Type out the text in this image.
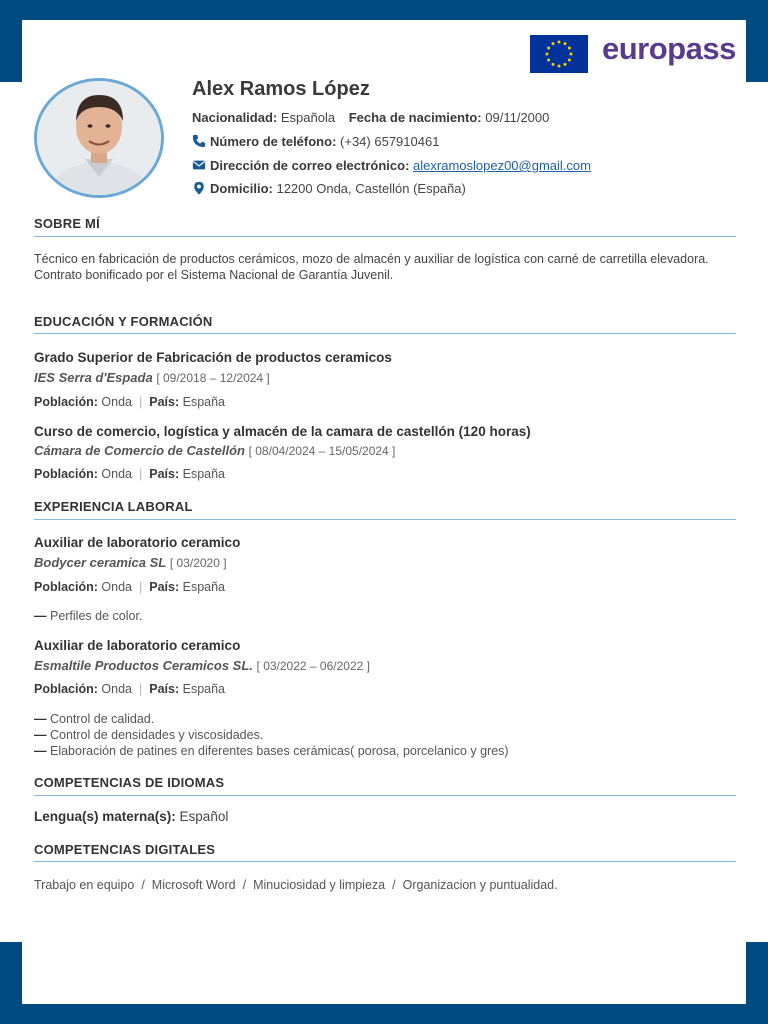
europass
Alex Ramos López
Nacionalidad: Española Fecha de nacimiento: 09/11/2000
Número de teléfono: (+34) 657910461
Dirección de correo electrónico: alexramoslopez00@gmail.com
Domicilio: 12200 Onda, Castellón (España)
SOBRE MÍ
Técnico en fabricación de productos cerámicos, mozo de almacén y auxiliar de logística con carné de carretilla elevadora. Contrato bonificado por el Sistema Nacional de Garantía Juvenil.
EDUCACIÓN Y FORMACIÓN
Grado Superior de Fabricación de productos ceramicos
IES Serra d'Espada [ 09/2018 – 12/2024 ]
Población: Onda | País: España
Curso de comercio, logística y almacén de la camara de castellón (120 horas)
Cámara de Comercio de Castellón [ 08/04/2024 – 15/05/2024 ]
Población: Onda | País: España
EXPERIENCIA LABORAL
Auxiliar de laboratorio ceramico
Bodycer ceramica SL [ 03/2020 ]
Población: Onda | País: España
— Perfiles de color.
Auxiliar de laboratorio ceramico
Esmaltile Productos Ceramicos SL. [ 03/2022 – 06/2022 ]
Población: Onda | País: España
— Control de calidad.
— Control de densidades y viscosidades.
— Elaboración de patines en diferentes bases cerámicas( porosa, porcelanico y gres)
COMPETENCIAS DE IDIOMAS
Lengua(s) materna(s): Español
COMPETENCIAS DIGITALES
Trabajo en equipo / Microsoft Word / Minuciosidad y limpieza / Organizacion y puntualidad.
